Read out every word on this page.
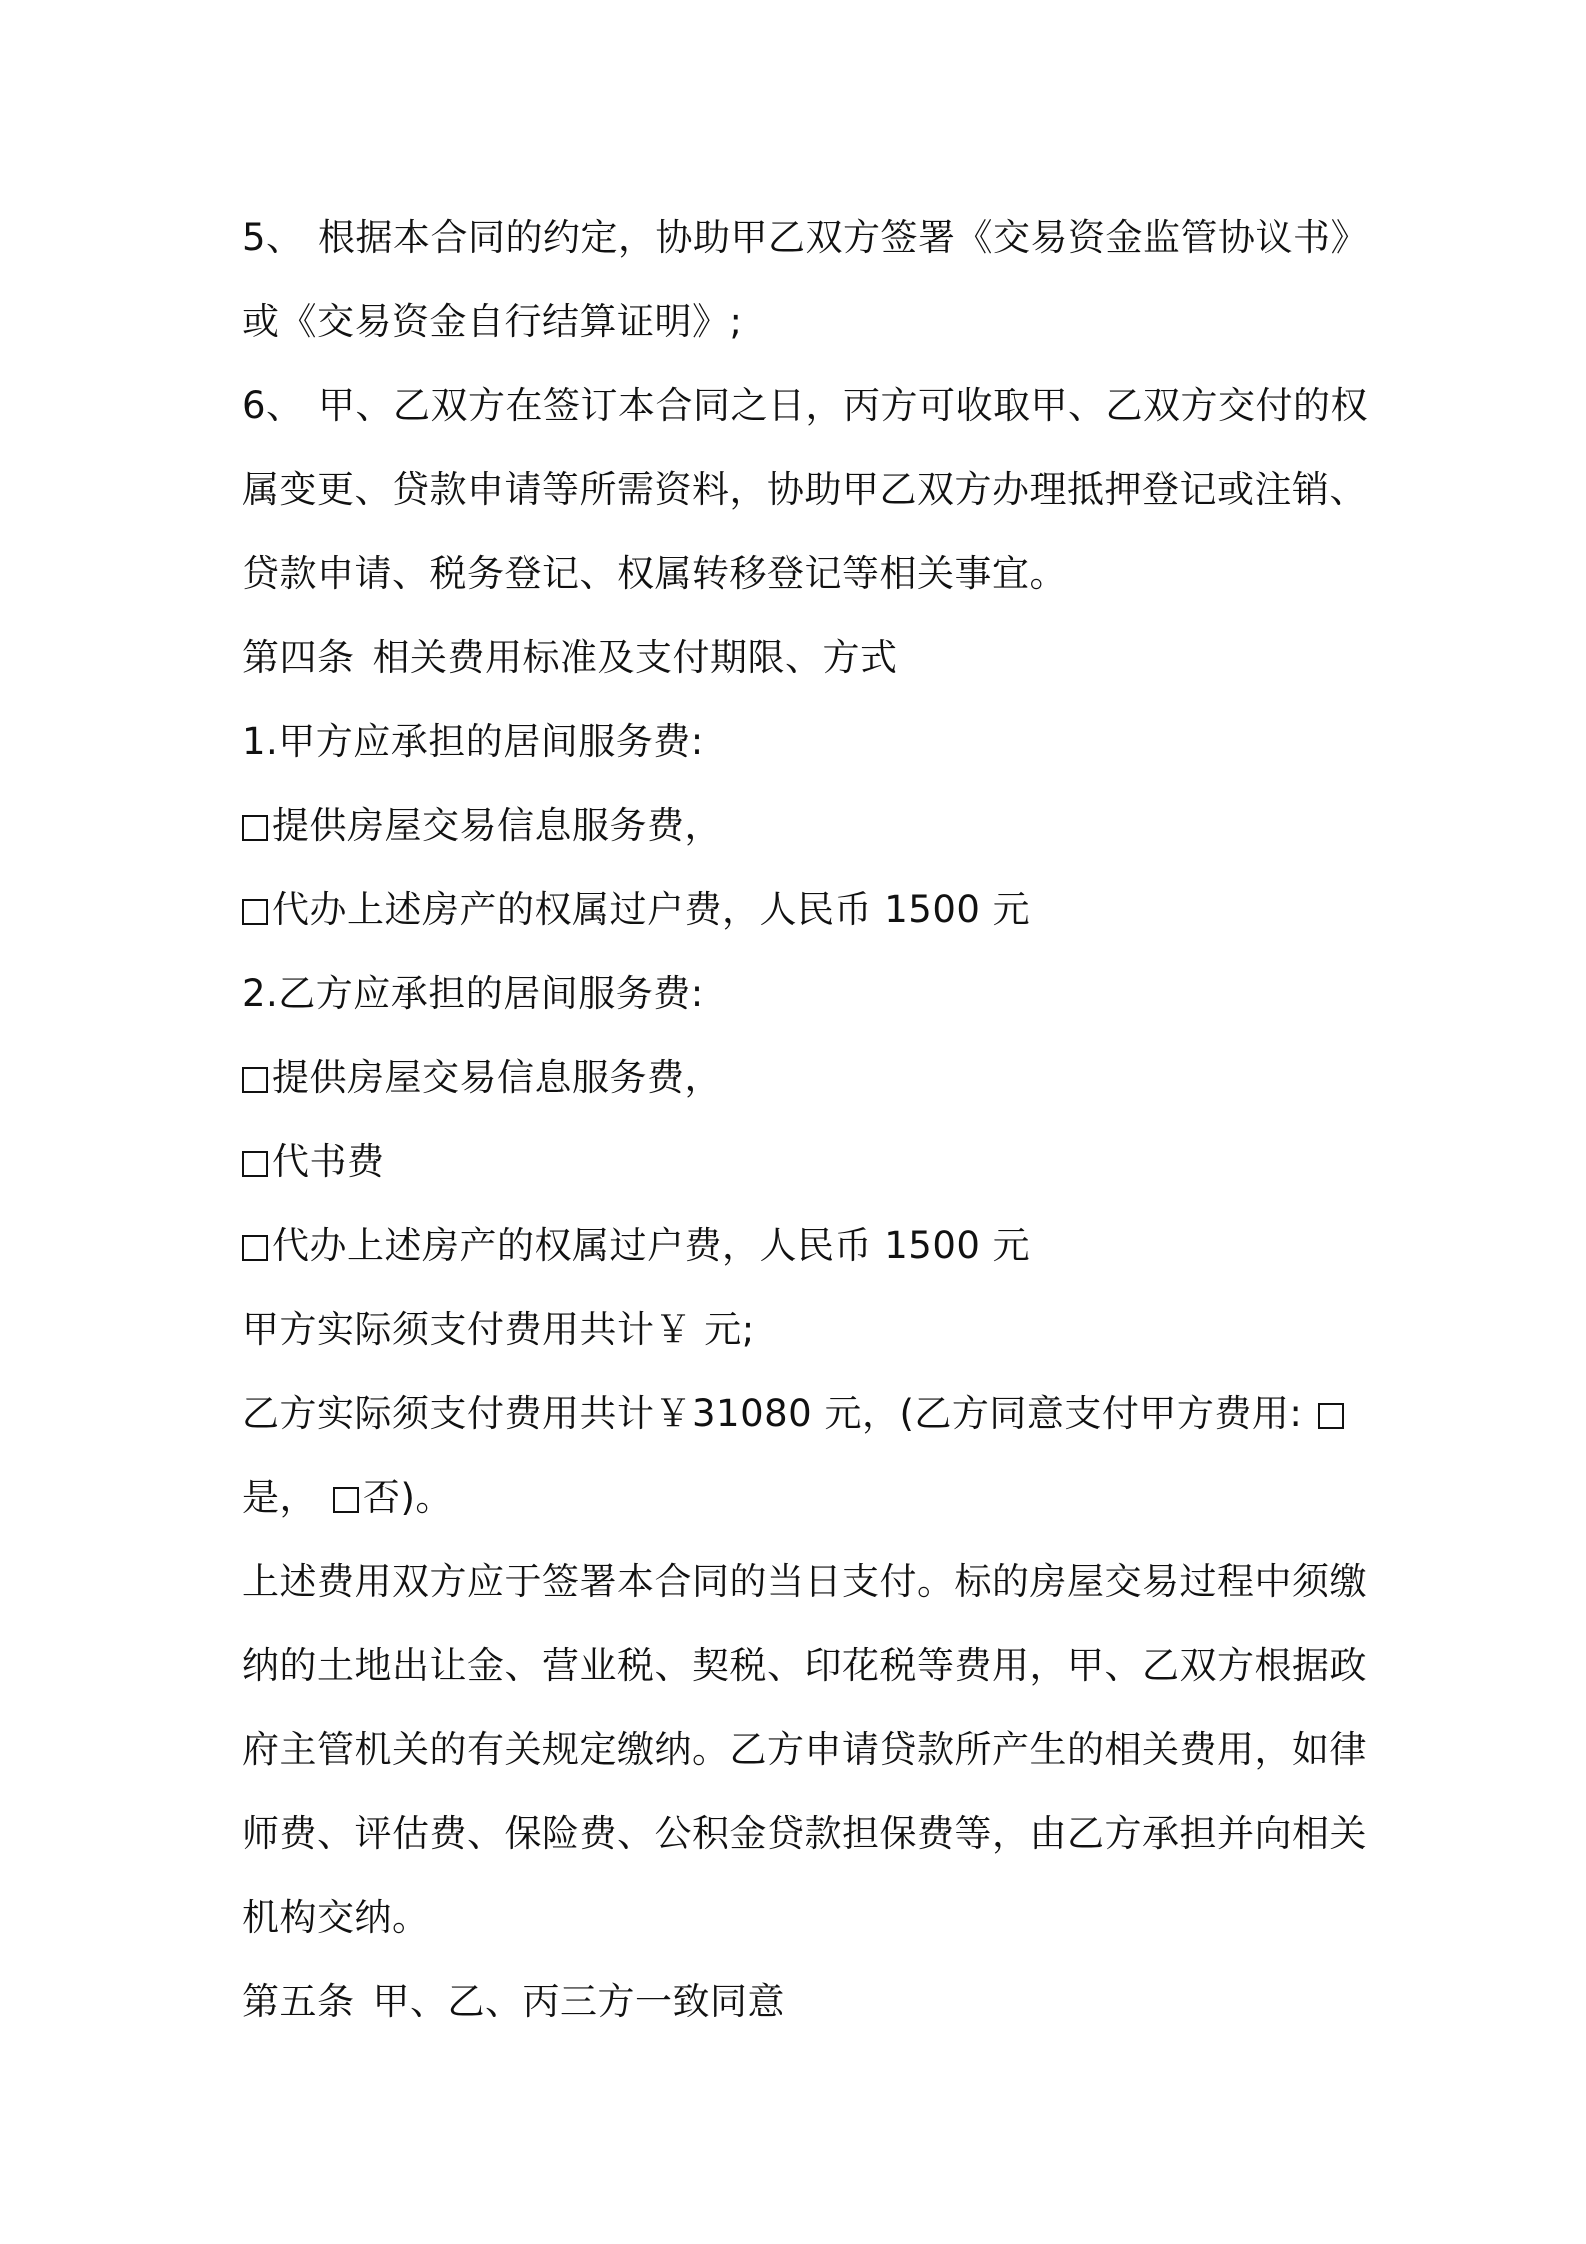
5、 根据本合同的约定，协助甲乙双方签署《交易资金监管协议书》
或《交易资金自行结算证明》;
6、 甲、乙双方在签订本合同之日，丙方可收取甲、乙双方交付的权
属变更、贷款申请等所需资料，协助甲乙双方办理抵押登记或注销、
贷款申请、税务登记、权属转移登记等相关事宜。
第四条 相关费用标准及支付期限、方式
1.甲方应承担的居间服务费:
提供房屋交易信息服务费，
代办上述房产的权属过户费，人民币 1500 元
2.乙方应承担的居间服务费:
提供房屋交易信息服务费，
代书费
代办上述房产的权属过户费，人民币 1500 元
甲方实际须支付费用共计￥ 元;
乙方实际须支付费用共计￥31080 元，(乙方同意支付甲方费用:
是， 否)。
上述费用双方应于签署本合同的当日支付。标的房屋交易过程中须缴
纳的土地出让金、营业税、契税、印花税等费用，甲、乙双方根据政
府主管机关的有关规定缴纳。乙方申请贷款所产生的相关费用，如律
师费、评估费、保险费、公积金贷款担保费等，由乙方承担并向相关
机构交纳。
第五条 甲、乙、丙三方一致同意
